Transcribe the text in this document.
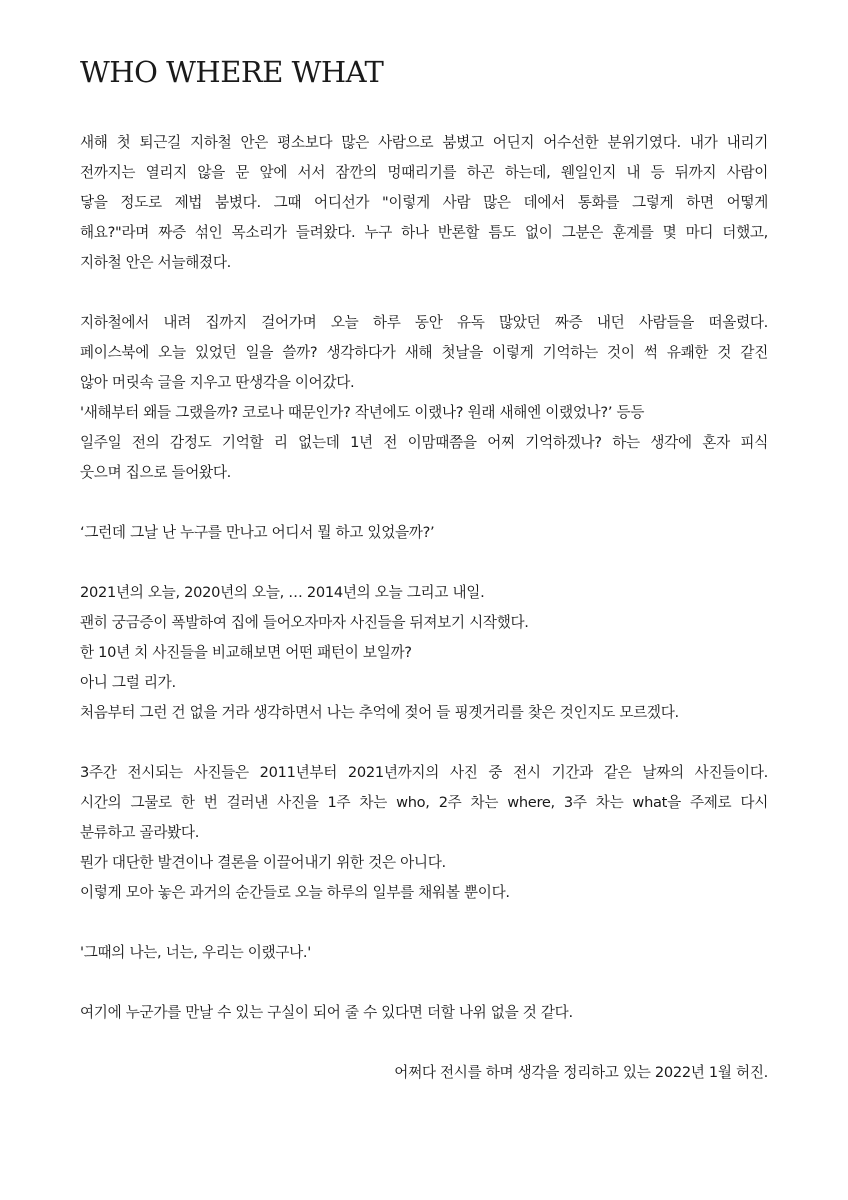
WHO WHERE WHAT
새해 첫 퇴근길 지하철 안은 평소보다 많은 사람으로 붐볐고 어딘지 어수선한 분위기였다. 내가 내리기
전까지는 열리지 않을 문 앞에 서서 잠깐의 멍때리기를 하곤 하는데, 웬일인지 내 등 뒤까지 사람이
닿을 정도로 제법 붐볐다. 그때 어디선가 "이렇게 사람 많은 데에서 통화를 그렇게 하면 어떻게
해요?"라며 짜증 섞인 목소리가 들려왔다. 누구 하나 반론할 틈도 없이 그분은 훈계를 몇 마디 더했고,
지하철 안은 서늘해졌다.
지하철에서 내려 집까지 걸어가며 오늘 하루 동안 유독 많았던 짜증 내던 사람들을 떠올렸다.
페이스북에 오늘 있었던 일을 쓸까? 생각하다가 새해 첫날을 이렇게 기억하는 것이 썩 유쾌한 것 같진
않아 머릿속 글을 지우고 딴생각을 이어갔다.
'새해부터 왜들 그랬을까? 코로나 때문인가? 작년에도 이랬나? 원래 새해엔 이랬었나?’ 등등
일주일 전의 감정도 기억할 리 없는데 1년 전 이맘때쯤을 어찌 기억하겠나? 하는 생각에 혼자 피식
웃으며 집으로 들어왔다.
‘그런데 그날 난 누구를 만나고 어디서 뭘 하고 있었을까?’
2021년의 오늘, 2020년의 오늘, … 2014년의 오늘 그리고 내일.
괜히 궁금증이 폭발하여 집에 들어오자마자 사진들을 뒤져보기 시작했다.
한 10년 치 사진들을 비교해보면 어떤 패턴이 보일까?
아니 그럴 리가.
처음부터 그런 건 없을 거라 생각하면서 나는 추억에 젖어 들 핑곗거리를 찾은 것인지도 모르겠다.
3주간 전시되는 사진들은 2011년부터 2021년까지의 사진 중 전시 기간과 같은 날짜의 사진들이다.
시간의 그물로 한 번 걸러낸 사진을 1주 차는 who, 2주 차는 where, 3주 차는 what을 주제로 다시
분류하고 골라봤다.
뭔가 대단한 발견이나 결론을 이끌어내기 위한 것은 아니다.
이렇게 모아 놓은 과거의 순간들로 오늘 하루의 일부를 채워볼 뿐이다.
'그때의 나는, 너는, 우리는 이랬구나.'
여기에 누군가를 만날 수 있는 구실이 되어 줄 수 있다면 더할 나위 없을 것 같다.
어쩌다 전시를 하며 생각을 정리하고 있는 2022년 1월 허진.
